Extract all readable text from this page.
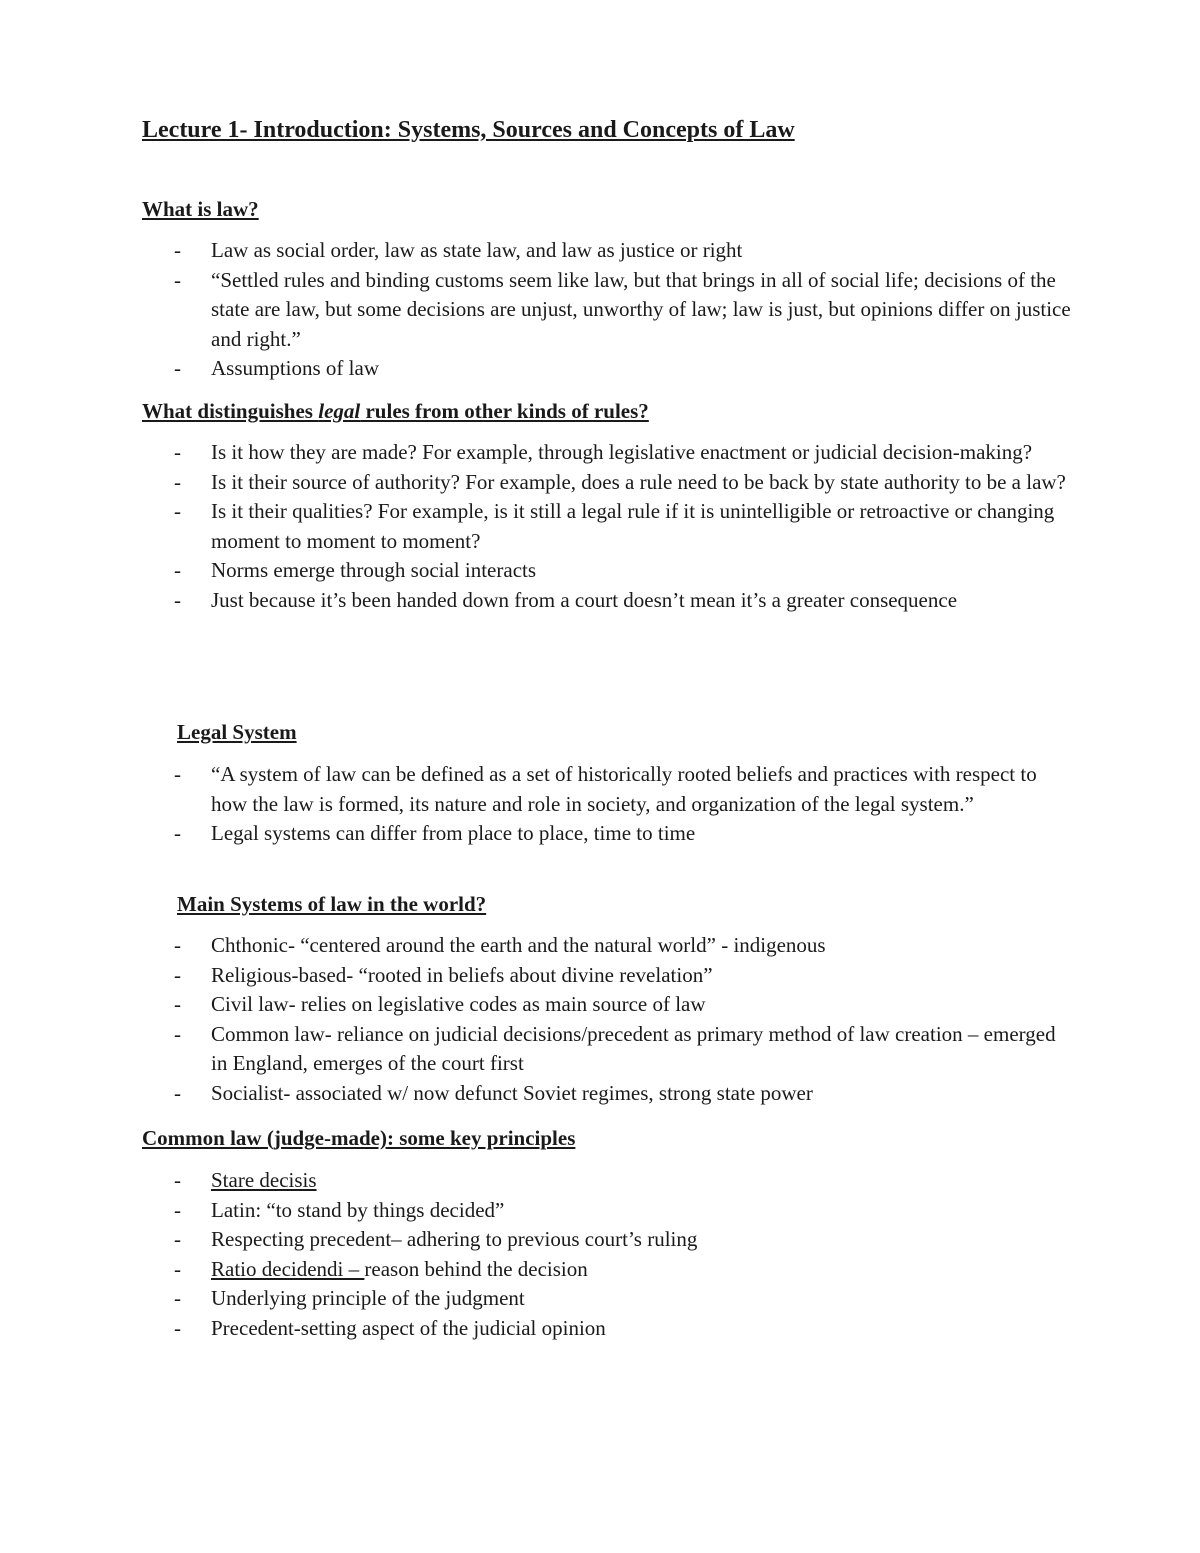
Lecture 1- Introduction: Systems, Sources and Concepts of Law
What is law?
- Law as social order, law as state law, and law as justice or right
- “Settled rules and binding customs seem like law, but that brings in all of social life; decisions of the state are law, but some decisions are unjust, unworthy of law; law is just, but opinions differ on justice and right.”
- Assumptions of law
What distinguishes legal rules from other kinds of rules?
- Is it how they are made? For example, through legislative enactment or judicial decision-making?
- Is it their source of authority? For example, does a rule need to be back by state authority to be a law?
- Is it their qualities? For example, is it still a legal rule if it is unintelligible or retroactive or changing moment to moment to moment?
- Norms emerge through social interacts
- Just because it’s been handed down from a court doesn’t mean it’s a greater consequence
Legal System
- “A system of law can be defined as a set of historically rooted beliefs and practices with respect to how the law is formed, its nature and role in society, and organization of the legal system.”
- Legal systems can differ from place to place, time to time
Main Systems of law in the world?
- Chthonic- “centered around the earth and the natural world” - indigenous
- Religious-based- “rooted in beliefs about divine revelation”
- Civil law- relies on legislative codes as main source of law
- Common law- reliance on judicial decisions/precedent as primary method of law creation – emerged in England, emerges of the court first
- Socialist- associated w/ now defunct Soviet regimes, strong state power
Common law (judge-made): some key principles
- Stare decisis
- Latin: “to stand by things decided”
- Respecting precedent– adhering to previous court’s ruling
- Ratio decidendi – reason behind the decision
- Underlying principle of the judgment
- Precedent-setting aspect of the judicial opinion
